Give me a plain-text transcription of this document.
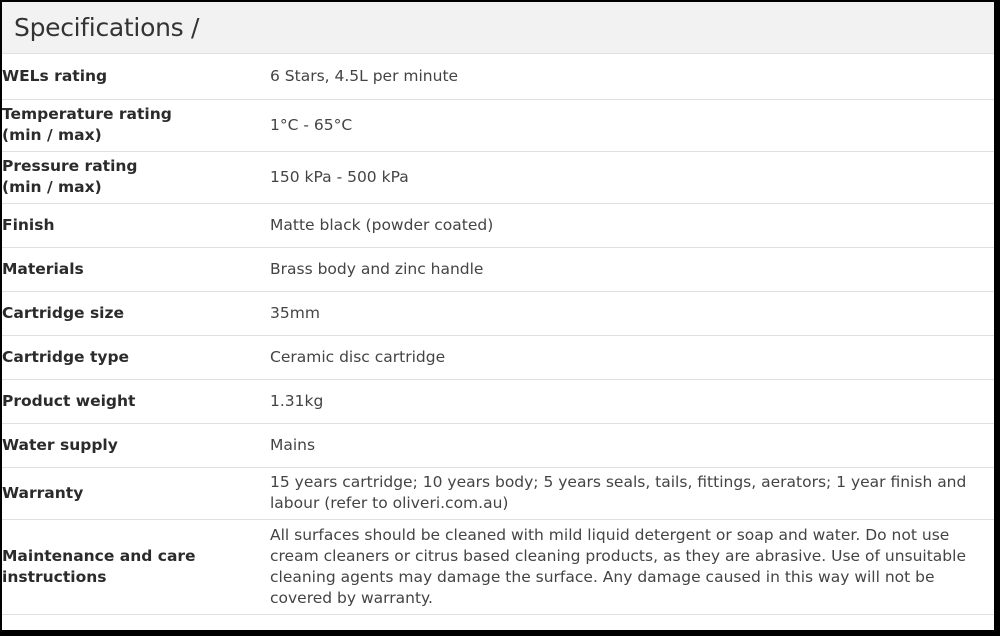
Specifications /
WELs rating	6 Stars, 4.5L per minute
Temperature rating
(min / max)	1°C - 65°C
Pressure rating
(min / max)	150 kPa - 500 kPa
Finish	Matte black (powder coated)
Materials	Brass body and zinc handle
Cartridge size	35mm
Cartridge type	Ceramic disc cartridge
Product weight	1.31kg
Water supply	Mains
Warranty	15 years cartridge; 10 years body; 5 years seals, tails, fittings, aerators; 1 year finish and labour (refer to oliveri.com.au)
Maintenance and care instructions	All surfaces should be cleaned with mild liquid detergent or soap and water. Do not use cream cleaners or citrus based cleaning products, as they are abrasive. Use of unsuitable cleaning agents may damage the surface. Any damage caused in this way will not be covered by warranty.
